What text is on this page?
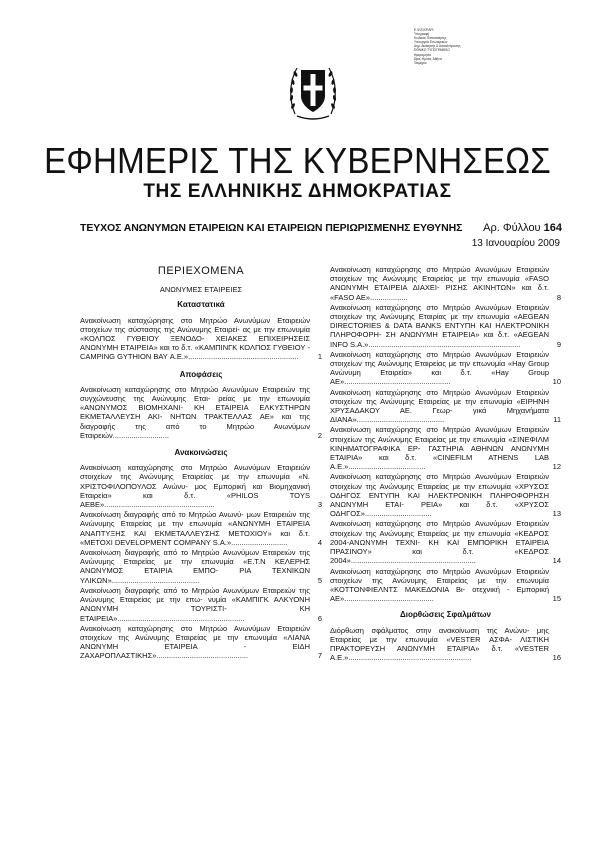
Ε.Ψ.ΕΙΧΡ.ΑΡΙ.
Υπογραφή
Κωδικός Πιστοποίησης
Υπουργείο Εσωτερικών
Δημ. Διοίκησης & Αποκέντρωσης
ΕΘΝΙΚΟ ΤΥΠΟΓΡΑΦΕΙΟ
Ημερομηνία
Ώρα, Ημ/νία, Αθήνα
Τεκμήριο
ΕΦΗΜΕΡΙΣ ΤΗΣ ΚΥΒΕΡΝΗΣΕΩΣ
ΤΗΣ ΕΛΛΗΝΙΚΗΣ ΔΗΜΟΚΡΑΤΙΑΣ
ΤΕΥΧΟΣ ΑΝΩΝΥΜΩΝ ΕΤΑΙΡΕΙΩΝ ΚΑΙ ΕΤΑΙΡΕΙΩΝ ΠΕΡΙΩΡΙΣΜΕΝΗΣ ΕΥΘΥΝΗΣ	Αρ. Φύλλου 164
13 Ιανουαρίου 2009
ΠΕΡΙΕΧΟΜΕΝΑ
ΑΝΩΝΥΜΕΣ ΕΤΑΙΡΕΙΕΣ
Καταστατικά
Ανακοίνωση καταχώρησης στο Μητρώο Ανωνύμων Εταιρειών στοιχείων της σύστασης της Ανώνυμης Εταιρεί- ας με την επωνυμία «ΚΟΛΠΟΣ ΓΥΘΕΙΟΥ ΞΕΝΟΔΟ- ΧΕΙΑΚΕΣ ΕΠΙΧΕΙΡΗΣΕΙΣ ΑΝΩΝΥΜΗ ΕΤΑΙΡΕΙΑ» και το δ.τ. «ΚΑΜΠΙΝΓΚ ΚΟΛΠΟΣ ΓΥΘΕΙΟΥ - CAMPING GYTHION BAY Α.Ε.».....................................................	1
Αποφάσεις
Ανακοίνωση καταχώρησης στο Μητρώο Ανωνύμων Εταιρειών της συγχώνευσης της Ανώνυμης Εται- ρείας με την επωνυμία «ΑΝΩΝΥΜΟΣ ΒΙΟΜΗΧΑΝΙ- ΚΗ ΕΤΑΙΡΕΙΑ ΕΛΚΥΣΤΗΡΩΝ ΕΚΜΕΤΑΛΛΕΥΣΗ ΑΚΙ- ΝΗΤΩΝ ΤΡΑΚΤΕΛΛΑΣ ΑΕ» και της διαγραφής της από το Μητρώο Ανωνύμων Εταιρειών...........................	2
Ανακοινώσεις
Ανακοίνωση καταχώρησης στο Μητρώο Ανωνύμων Εταιρειών στοιχείων της Ανώνυμης Εταιρείας με την επωνυμία «Ν. ΧΡΙΣΤΟΦΙΛΟΠΟΥΛΟΣ Ανώνυ- μος Εμπορική και Βιομηχανική Εταιρεία» και δ.τ. «PHILOS TOYS ΑΕΒΕ».....................................................	3
Ανακοίνωση διαγραφής από το Μητρώο Ανωνύ- μων Εταιρειών της Ανώνυμης Εταιρείας με την επωνυμία «ΑΝΩΝΥΜΗ ΕΤΑΙΡΕΙΑ ΑΝΑΠΤΥΞΗΣ ΚΑΙ ΕΚΜΕΤΑΛΛΕΥΣΗΣ ΜΕΤΟΧΙΟΥ» και δ.τ. «ΜΕΤΟΧΙ DEVELOPMENT COMPANY S.A.»...........................	4
Ανακοίνωση διαγραφής από το Μητρώο Ανωνύμων Εταιρειών της Ανώνυμης Εταιρείας με την επωνυμία «Ε.Τ.Ν ΚΕΛΕΡΗΣ ΑΝΩΝΥΜΟΣ ΕΤΑΙΡΙΑ ΕΜΠΟ- ΡΙΑ ΤΕΧΝΙΚΩΝ ΥΛΙΚΩΝ»..........................................	5
Ανακοίνωση διαγραφής από το Μητρώο Ανωνύμων Εταιρειών της Ανώνυμης Εταιρείας με την επω- νυμία «ΚΑΜΠΙΓΚ ΑΛΚΥΟΝΗ ΑΝΩΝΥΜΗ ΤΟΥΡΙΣΤΙ- ΚΗ ΕΤΑΙΡΕΙΑ».............................................................	6
Ανακοίνωση καταχώρησης στο Μητρώο Ανωνύμων Εταιρειών στοιχείων της Ανώνυμης Εταιρείας με την επωνυμία «ΛΙΑΝΑ ΑΝΩΝΥΜΗ ΕΤΑΙΡΕΙΑ - ΕΙΔΗ ΖΑΧΑΡΟΠΛΑΣΤΙΚΗΣ»............................................	7
Ανακοίνωση καταχώρησης στο Μητρώο Ανωνύμων Εταιρειών στοιχείων της Ανώνυμης Εταιρείας με την επωνυμία «FASO ΑΝΩΝΥΜΗ ΕΤΑΙΡΕΙΑ ΔΙΑΧΕΙ- ΡΙΣΗΣ ΑΚΙΝΗΤΩΝ» και δ.τ. «FASO AE»..................	8
Ανακοίνωση καταχώρησης στο Μητρώο Ανωνύμων Εταιρειών στοιχείων της Ανώνυμης Εταιρίας με την επωνυμία «AEGEAN DIRECTORIES & DATA BANKS ΕΝΤΥΠΗ ΚΑΙ ΗΛΕΚΤΡΟΝΙΚΗ ΠΛΗΡΟΦΟΡΗ- ΣΗ ΑΝΩΝΥΜΗ ΕΤΑΙΡΕΙΑ» και δ.τ. «AEGEAN INFO S.A.».........................................................................	9
Ανακοίνωση καταχώρησης στο Μητρώο Ανωνύμων Εταιρειών στοιχείων της Ανώνυμης Εταιρείας με την επωνυμία «Hay Group Ανώνυμη Εταιρεία» και δ.τ. «Hay Group AE»...................................................	10
Ανακοίνωση καταχώρησης στο Μητρώο Ανωνύμων Εταιρειών στοιχείων της Ανώνυμης Εταιρείας με την επωνυμία «ΕΙΡΗΝΗ ΧΡΥΣΑΔΑΚΟΥ ΑΕ. Γεωρ- γικά Μηχανήματα ΔΙΑΝΑ»..........................................	11
Ανακοίνωση καταχώρησης στο Μητρώο Ανωνύμων Εταιρειών στοιχείων της Ανώνυμης Εταιρείας με την επωνυμία «ΣΙΝΕΦΙΛΜ ΚΙΝΗΜΑΤΟΓΡΑΦΙΚΑ ΕΡ- ΓΑΣΤΗΡΙΑ ΑΘΗΝΩΝ ΑΝΩΝΥΜΗ ΕΤΑΙΡΙΑ» και δ.τ. «CINEFILM ATHENS LAB A.E.».....................................	12
Ανακοίνωση καταχώρησης στο Μητρώο Ανωνύμων Εταιρειών στοιχείων της Ανώνυμης Εταιρείας με την επωνυμία «ΧΡΥΣΟΣ ΟΔΗΓΟΣ ΕΝΤΥΠΗ ΚΑΙ ΗΛΕΚΤΡΟΝΙΚΗ ΠΛΗΡΟΦΟΡΗΣΗ ΑΝΩΝΥΜΗ ΕΤΑΙ- ΡΕΙΑ» και δ.τ. «ΧΡΥΣΟΣ ΟΔΗΓΟΣ»................................	13
Ανακοίνωση καταχώρησης στο Μητρώο Ανωνύμων Εταιρειών στοιχείων της Ανώνυμης Εταιρείας με την επωνυμία «ΚΕΔΡΟΣ 2004-ΑΝΩΝΥΜΗ ΤΕΧΝΙ- ΚΗ ΚΑΙ ΕΜΠΟΡΙΚΗ ΕΤΑΙΡΕΙΑ ΠΡΑΣΙΝΟΥ» και δ.τ. «ΚΕΔΡΟΣ 2004»............................................................	14
Ανακοίνωση καταχώρησης στο Μητρώο Ανωνύμων Εταιρειών στοιχείων της Ανώνυμης Εταιρείας με την επωνυμία «ΚΟΤΤΟΝΦΙΕΛΝΤΣ ΜΑΚΕΔΟΝΙΑ Βι- οτεχνική - Εμπορική ΑΕ»...........................................	15
Διορθώσεις Σφαλμάτων
Διόρθωση σφάλματος στην ανακοίνωση της Ανώνυ- μης Εταιρείας με την επωνυμία «VESTER ΑΣΦΑ- ΛΙΣΤΙΚΗ ΠΡΑΚΤΟΡΕΥΣΗ ΑΝΩΝΥΜΗ ΕΤΑΙΡΙΑ» δ.τ. «VESTER A.E.»...........................................................	16
